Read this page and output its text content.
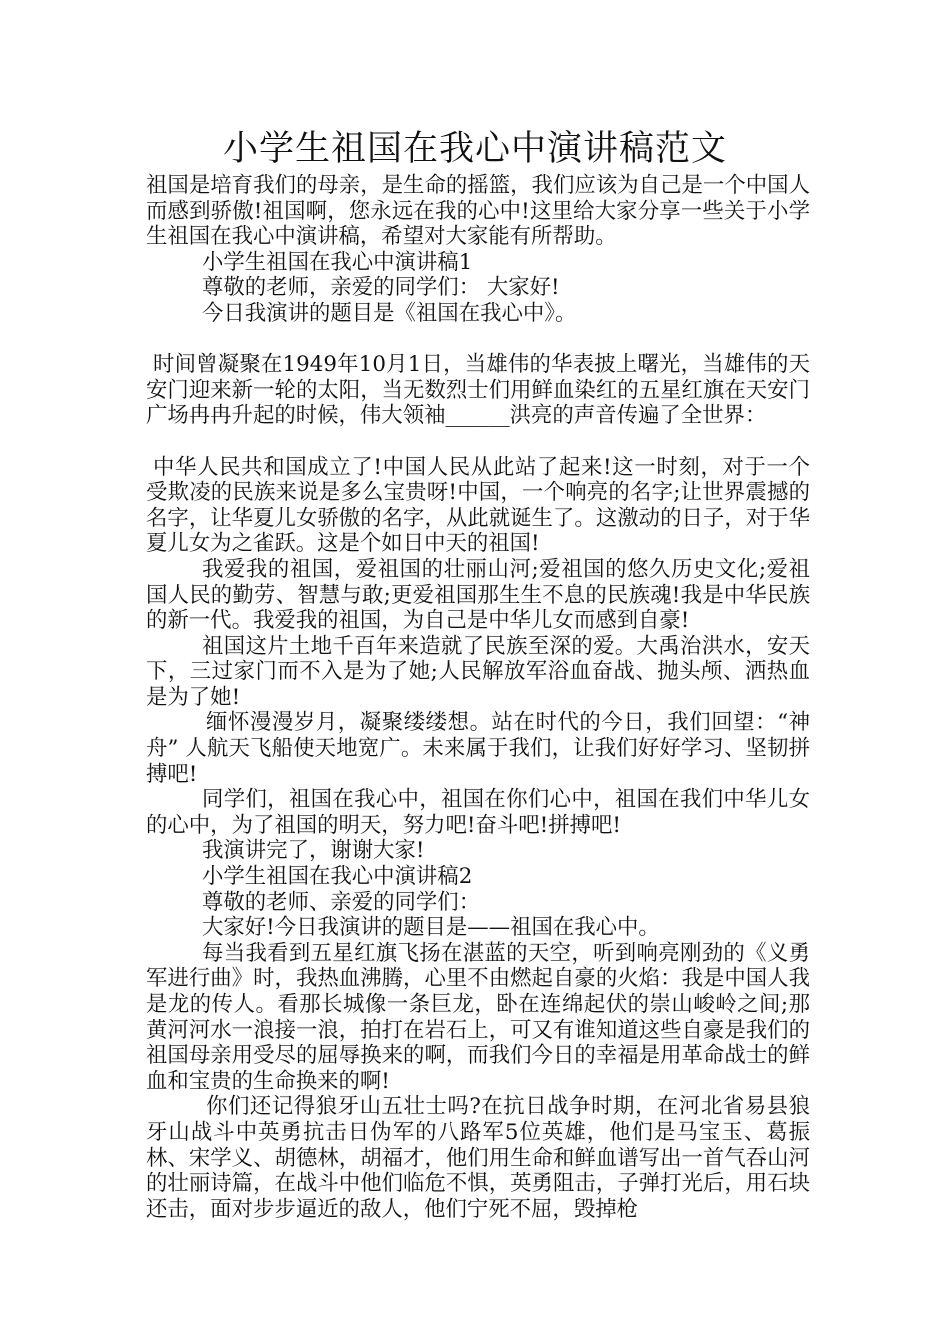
小学生祖国在我心中演讲稿范文

祖国是培育我们的母亲，是生命的摇篮，我们应该为自己是一个中国人而感到骄傲!祖国啊，您永远在我的心中!这里给大家分享一些关于小学生祖国在我心中演讲稿，希望对大家能有所帮助。

小学生祖国在我心中演讲稿1

尊敬的老师，亲爱的同学们： 大家好!

今日我演讲的题目是《祖国在我心中》。

时间曾凝聚在1949年10月1日，当雄伟的华表披上曙光，当雄伟的天安门迎来新一轮的太阳，当无数烈士们用鲜血染红的五星红旗在天安门广场冉冉升起的时候，伟大领袖______洪亮的声音传遍了全世界：

中华人民共和国成立了!中国人民从此站了起来!这一时刻，对于一个受欺凌的民族来说是多么宝贵呀!中国，一个响亮的名字;让世界震撼的名字，让华夏儿女骄傲的名字，从此就诞生了。这激动的日子，对于华夏儿女为之雀跃。这是个如日中天的祖国!

我爱我的祖国，爱祖国的壮丽山河;爱祖国的悠久历史文化;爱祖国人民的勤劳、智慧与敢;更爱祖国那生生不息的民族魂!我是中华民族的新一代。我爱我的祖国，为自己是中华儿女而感到自豪!

祖国这片土地千百年来造就了民族至深的爱。大禹治洪水，安天下，三过家门而不入是为了她;人民解放军浴血奋战、抛头颅、洒热血是为了她!

缅怀漫漫岁月，凝聚缕缕想。站在时代的今日，我们回望：“神 舟” 人航天飞船使天地宽广。未来属于我们，让我们好好学习、坚韧拼搏吧!

同学们，祖国在我心中，祖国在你们心中，祖国在我们中华儿女的心中，为了祖国的明天，努力吧!奋斗吧!拼搏吧!

我演讲完了，谢谢大家!

小学生祖国在我心中演讲稿2

尊敬的老师、亲爱的同学们：

大家好!今日我演讲的题目是——祖国在我心中。

每当我看到五星红旗飞扬在湛蓝的天空，听到响亮刚劲的《义勇军进行曲》时，我热血沸腾，心里不由燃起自豪的火焰：我是中国人我是龙的传人。看那长城像一条巨龙，卧在连绵起伏的崇山峻岭之间;那黄河河水一浪接一浪，拍打在岩石上，可又有谁知道这些自豪是我们的祖国母亲用受尽的屈辱换来的啊，而我们今日的幸福是用革命战士的鲜血和宝贵的生命换来的啊!

你们还记得狼牙山五壮士吗?在抗日战争时期，在河北省易县狼牙山战斗中英勇抗击日伪军的八路军5位英雄，他们是马宝玉、葛振林、宋学义、胡德林，胡福才，他们用生命和鲜血谱写出一首气吞山河的壮丽诗篇，在战斗中他们临危不惧，英勇阻击，子弹打光后，用石块还击，面对步步逼近的敌人，他们宁死不屈，毁掉枪
